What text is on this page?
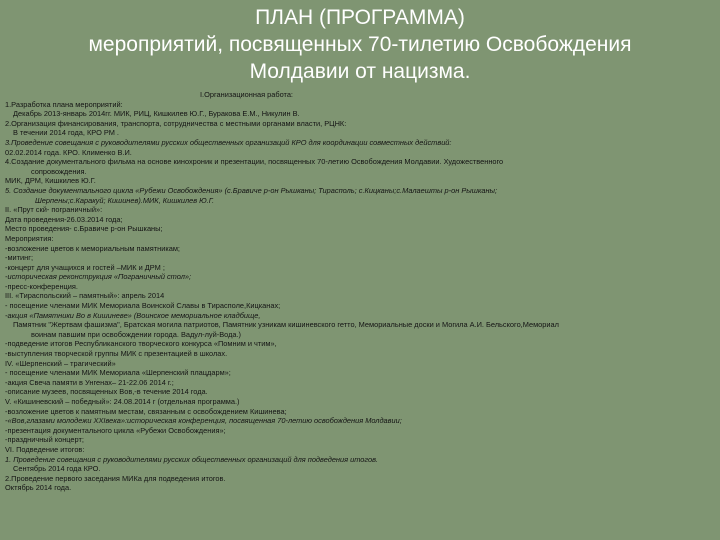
ПЛАН (ПРОГРАММА)
мероприятий, посвященных 70-тилетию Освобождения
Молдавии от нацизма.
I.Организационная работа:
1.Разработка плана мероприятий:
Декабрь 2013-январь 2014гг. МИК, РИЦ, Кишкилев Ю.Г., Буракова Е.М., Никулин В.
2.Организация финансирования, транспорта, сотрудничества с местными органами власти, РЦНК:
В течении 2014 года, КРО РМ .
3.Проведение совещания с руководителями русских общественных организаций КРО для координации совместных действий:
02.02.2014 года. КРО. Клименко В.И.
4.Создание документального фильма на основе кинохроник и презентации, посвященных 70-летию Освобождения Молдавии. Художественного
сопровождения.
МИК, ДРМ, Кишкилев Ю.Г.
5. Создание документального цикла «Рубежи Освобождения» (с.Бравиче р-он Рышканы; Тирасполь; с.Кицканы;с.Малаешты р-он Рышканы;
Шерпены;с.Каракуй; Кишинев).МИК, Кишкилев Ю.Г.
II. «Прут скй- пограничный»:
Дата проведения-26.03.2014 года;
Место проведения- с.Бравиче р-он Рышканы;
Мероприятия:
-возложение цветов к мемориальным памятникам;
-митинг;
-концерт для учащихся и гостей –МИК и ДРМ ;
-историческая реконструкция «Пограничный стол»;
-пресс-конференция.
III. «Тираспольский – памятный»: апрель 2014
- посещение членами МИК Мемориала Воинской Славы в Тирасполе,Кицканах;
-акция «Памятники Во в Кишиневе» (Воинское мемориальное кладбище,
Памятник "Жертвам фашизма", Братская могила патриотов, Памятник узникам кишиневского гетто, Мемориальные доски и Могила А.И. Бельского,Мемориал
воинам павшим при освобождении города. Вадул-луй-Вода.)
-подведение итогов Республиканского творческого конкурса «Помним и чтим»,
-выступления творческой группы МИК с презентацией в школах.
IV. «Шерпенский – трагический»
- посещение членами МИК Мемориала «Шерпенский плацдарм»;
-акция Свеча памяти в Унгенах– 21-22.06 2014 г.;
-описание музеев, посвященных Вов,-в течение 2014 года.
V. «Кишиневский – победный»: 24.08.2014 г (отдельная программа.)
-возложение цветов к памятным местам, связанным с освобождением Кишинева;
-«Вов,глазами молодежи XXIвека»:историческая конференция, посвященная 70-летию освобождения Молдавии;
-презентация документального цикла «Рубежи Освобождения»;
-праздничный концерт;
VI. Подведение итогов:
1. Проведение совещания с руководителями русских общественных организаций для подведения итогов.
Сентябрь 2014 года КРО.
2.Проведение первого заседания МИКа для подведения итогов.
Октябрь 2014 года.
